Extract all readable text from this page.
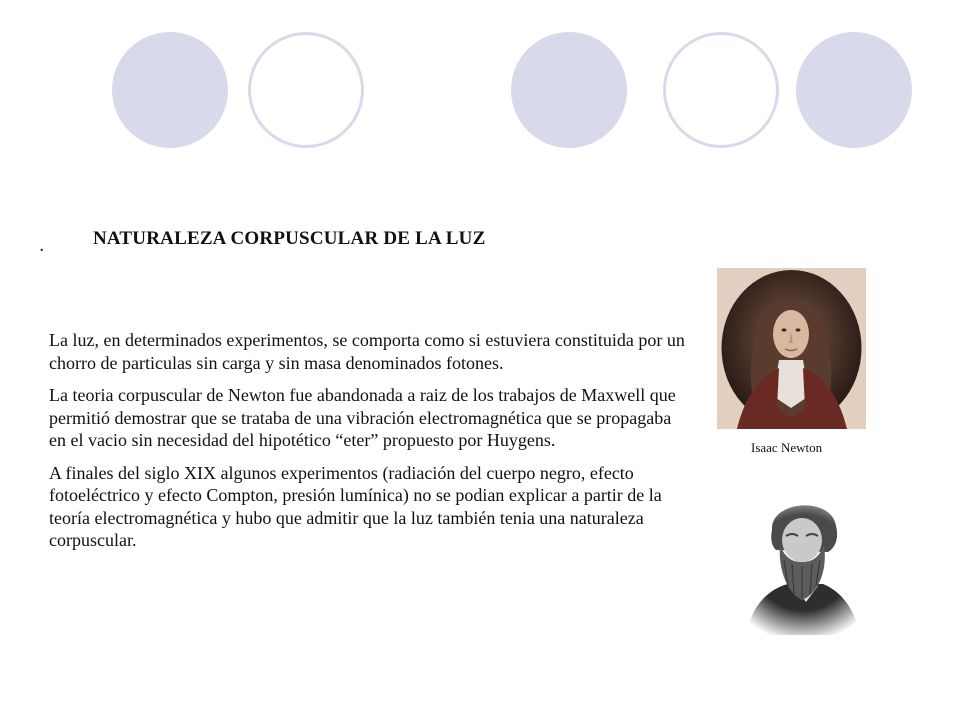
.	NATURALEZA CORPUSCULAR DE LA LUZ

La luz, en determinados experimentos, se comporta como si estuviera constituida por un chorro de particulas sin carga y sin masa denominados fotones.

La teoria corpuscular de Newton fue abandonada a raiz de los trabajos de Maxwell que permitió demostrar que se trataba de una vibración electromagnética que se propagaba en el vacio sin necesidad del hipotético “eter” propuesto por Huygens.

A finales del siglo XIX algunos experimentos (radiación del cuerpo negro, efecto fotoeléctrico y efecto Compton, presión lumínica) no se podian explicar a partir de la teoría electromagnética y hubo que admitir que la luz también tenia una naturaleza corpuscular.

Isaac Newton
